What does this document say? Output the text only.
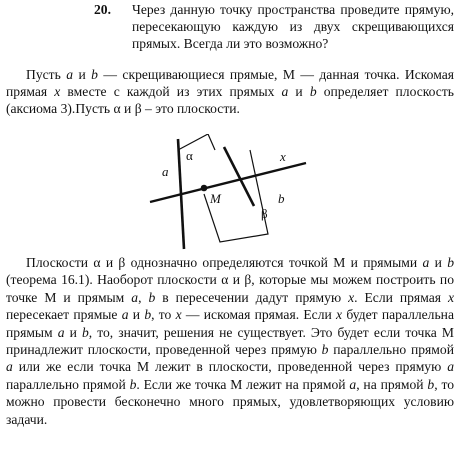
20. Через данную точку пространства проведите прямую, пересекающую каждую из двух скрещивающихся прямых. Всегда ли это возможно?

Пусть a и b — скрещивающиеся прямые, М — данная точка. Искомая прямая x вместе с каждой из этих прямых a и b определяет плоскость (аксиома 3).Пусть α и β – это плоскости.

α	x
a
M	b
β

Плоскости α и β однозначно определяются точкой М и прямыми a и b (теорема 16.1). Наоборот плоскости α и β, которые мы можем построить по точке М и прямым a, b в пересечении дадут прямую x. Если прямая x пересекает прямые a и b, то x — искомая прямая. Если x будет параллельна прямым a и b, то, значит, решения не существует. Это будет если точка М принадлежит плоскости, проведенной через прямую b параллельно прямой a или же если точка М лежит в плоскости, проведенной через прямую a параллельно прямой b. Если же точка М лежит на прямой a, на прямой b, то можно провести бесконечно много прямых, удовлетворяющих условию задачи.
